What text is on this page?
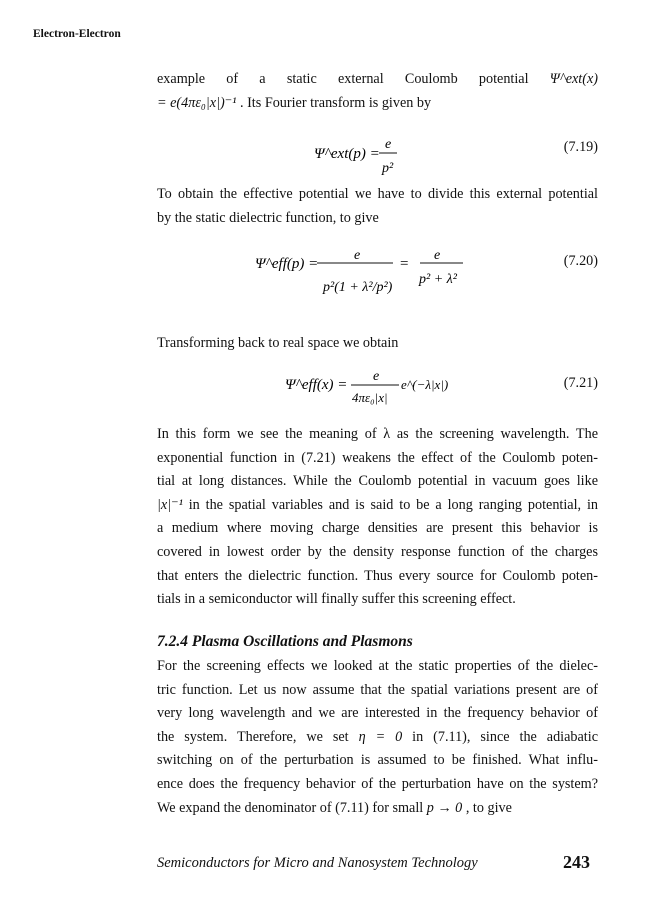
Electron-Electron
example of a static external Coulomb potential Ψ^ext(x)
= e(4πε₀|x|)⁻¹ . Its Fourier transform is given by
Ψ^ext(p) =
e
p²
(7.19)
To obtain the effective potential we have to divide this external potential
by the static dielectric function, to give
Ψ^eff(p) =
e
p²(1 + λ²/p²)
=
e
p² + λ²
(7.20)
Transforming back to real space we obtain
Ψ^eff(x) =
e
4πε₀|x|
e^(−λ|x|)	(7.21)
In this form we see the meaning of λ as the screening wavelength. The
exponential function in (7.21) weakens the effect of the Coulomb poten-
tial at long distances. While the Coulomb potential in vacuum goes like
|x|⁻¹ in the spatial variables and is said to be a long ranging potential, in
a medium where moving charge densities are present this behavior is
covered in lowest order by the density response function of the charges
that enters the dielectric function. Thus every source for Coulomb poten-
tials in a semiconductor will finally suffer this screening effect.
7.2.4 Plasma Oscillations and Plasmons
For the screening effects we looked at the static properties of the dielec-
tric function. Let us now assume that the spatial variations present are of
very long wavelength and we are interested in the frequency behavior of
the system. Therefore, we set η = 0 in (7.11), since the adiabatic
switching on of the perturbation is assumed to be finished. What influ-
ence does the frequency behavior of the perturbation have on the system?
We expand the denominator of (7.11) for small p → 0 , to give
Semiconductors for Micro and Nanosystem Technology	243
